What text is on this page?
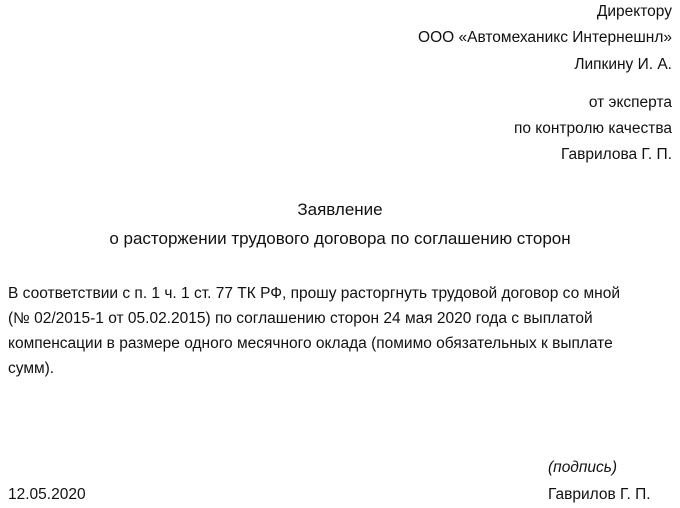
Директору

ООО «Автомеханикс Интернешнл»

Липкину И. А.

от эксперта

по контролю качества

Гаврилова Г. П.

Заявление

о расторжении трудового договора по соглашению сторон

В соответствии с п. 1 ч. 1 ст. 77 ТК РФ, прошу расторгнуть трудовой договор со мной
(№ 02/2015-1 от 05.02.2015) по соглашению сторон 24 мая 2020 года с выплатой
компенсации в размере одного месячного оклада (помимо обязательных к выплате
сумм).

(подпись)

12.05.2020	Гаврилов Г. П.
